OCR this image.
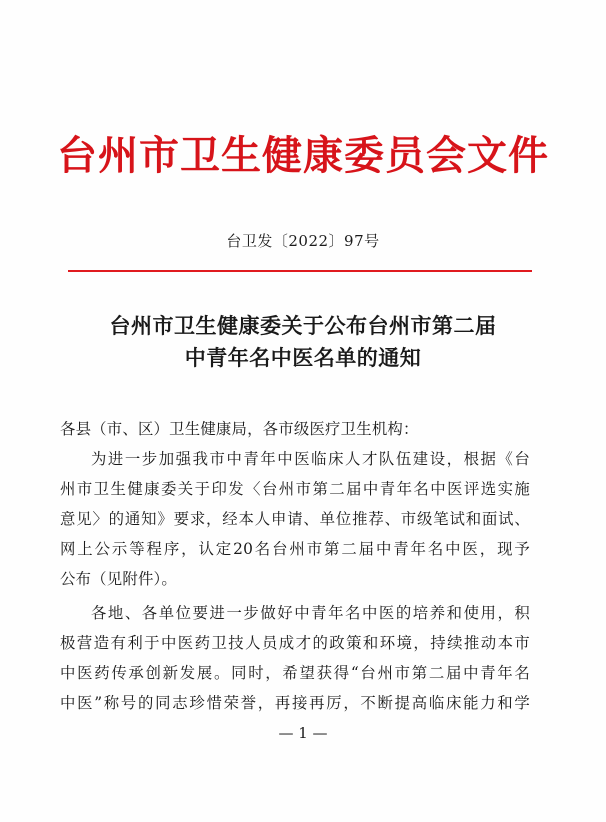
台州市卫生健康委员会文件
台卫发〔2022〕97号
台州市卫生健康委关于公布台州市第二届
中青年名中医名单的通知
各县（市、区）卫生健康局，各市级医疗卫生机构：
为进一步加强我市中青年中医临床人才队伍建设，根据《台
州市卫生健康委关于印发〈台州市第二届中青年名中医评选实施
意见〉的通知》要求，经本人申请、单位推荐、市级笔试和面试、
网上公示等程序，认定20名台州市第二届中青年名中医，现予
公布（见附件）。
各地、各单位要进一步做好中青年名中医的培养和使用，积
极营造有利于中医药卫技人员成才的政策和环境，持续推动本市
中医药传承创新发展。同时，希望获得“台州市第二届中青年名
中医”称号的同志珍惜荣誉，再接再厉，不断提高临床能力和学
— 1 —
